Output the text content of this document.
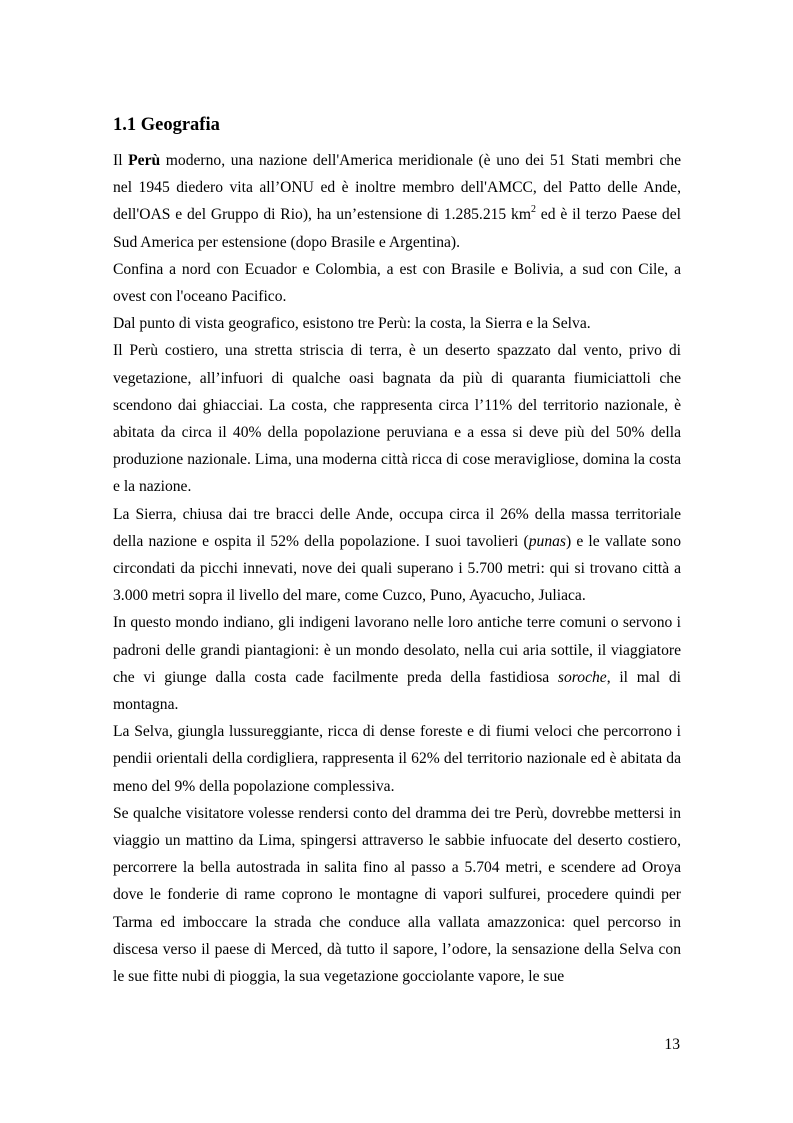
1.1 Geografia

Il Perù moderno, una nazione dell'America meridionale (è uno dei 51 Stati membri che nel 1945 diedero vita all’ONU ed è inoltre membro dell'AMCC, del Patto delle Ande, dell'OAS e del Gruppo di Rio), ha un’estensione di 1.285.215 $km^2$ ed è il terzo Paese del Sud America per estensione (dopo Brasile e Argentina).

Confina a nord con Ecuador e Colombia, a est con Brasile e Bolivia, a sud con Cile, a ovest con l'oceano Pacifico.

Dal punto di vista geografico, esistono tre Perù: la costa, la Sierra e la Selva.

Il Perù costiero, una stretta striscia di terra, è un deserto spazzato dal vento, privo di vegetazione, all’infuori di qualche oasi bagnata da più di quaranta fiumiciattoli che scendono dai ghiacciai. La costa, che rappresenta circa l’11% del territorio nazionale, è abitata da circa il 40% della popolazione peruviana e a essa si deve più del 50% della produzione nazionale. Lima, una moderna città ricca di cose meravigliose, domina la costa e la nazione.

La Sierra, chiusa dai tre bracci delle Ande, occupa circa il 26% della massa territoriale della nazione e ospita il 52% della popolazione. I suoi tavolieri (punas) e le vallate sono circondati da picchi innevati, nove dei quali superano i 5.700 metri: qui si trovano città a 3.000 metri sopra il livello del mare, come Cuzco, Puno, Ayacucho, Juliaca.

In questo mondo indiano, gli indigeni lavorano nelle loro antiche terre comuni o servono i padroni delle grandi piantagioni: è un mondo desolato, nella cui aria sottile, il viaggiatore che vi giunge dalla costa cade facilmente preda della fastidiosa soroche, il mal di montagna.

La Selva, giungla lussureggiante, ricca di dense foreste e di fiumi veloci che percorrono i pendii orientali della cordigliera, rappresenta il 62% del territorio nazionale ed è abitata da meno del 9% della popolazione complessiva.

Se qualche visitatore volesse rendersi conto del dramma dei tre Perù, dovrebbe mettersi in viaggio un mattino da Lima, spingersi attraverso le sabbie infuocate del deserto costiero, percorrere la bella autostrada in salita fino al passo a 5.704 metri, e scendere ad Oroya dove le fonderie di rame coprono le montagne di vapori sulfurei, procedere quindi per Tarma ed imboccare la strada che conduce alla vallata amazzonica: quel percorso in discesa verso il paese di Merced, dà tutto il sapore, l’odore, la sensazione della Selva con le sue fitte nubi di pioggia, la sua vegetazione gocciolante vapore, le sue

13
